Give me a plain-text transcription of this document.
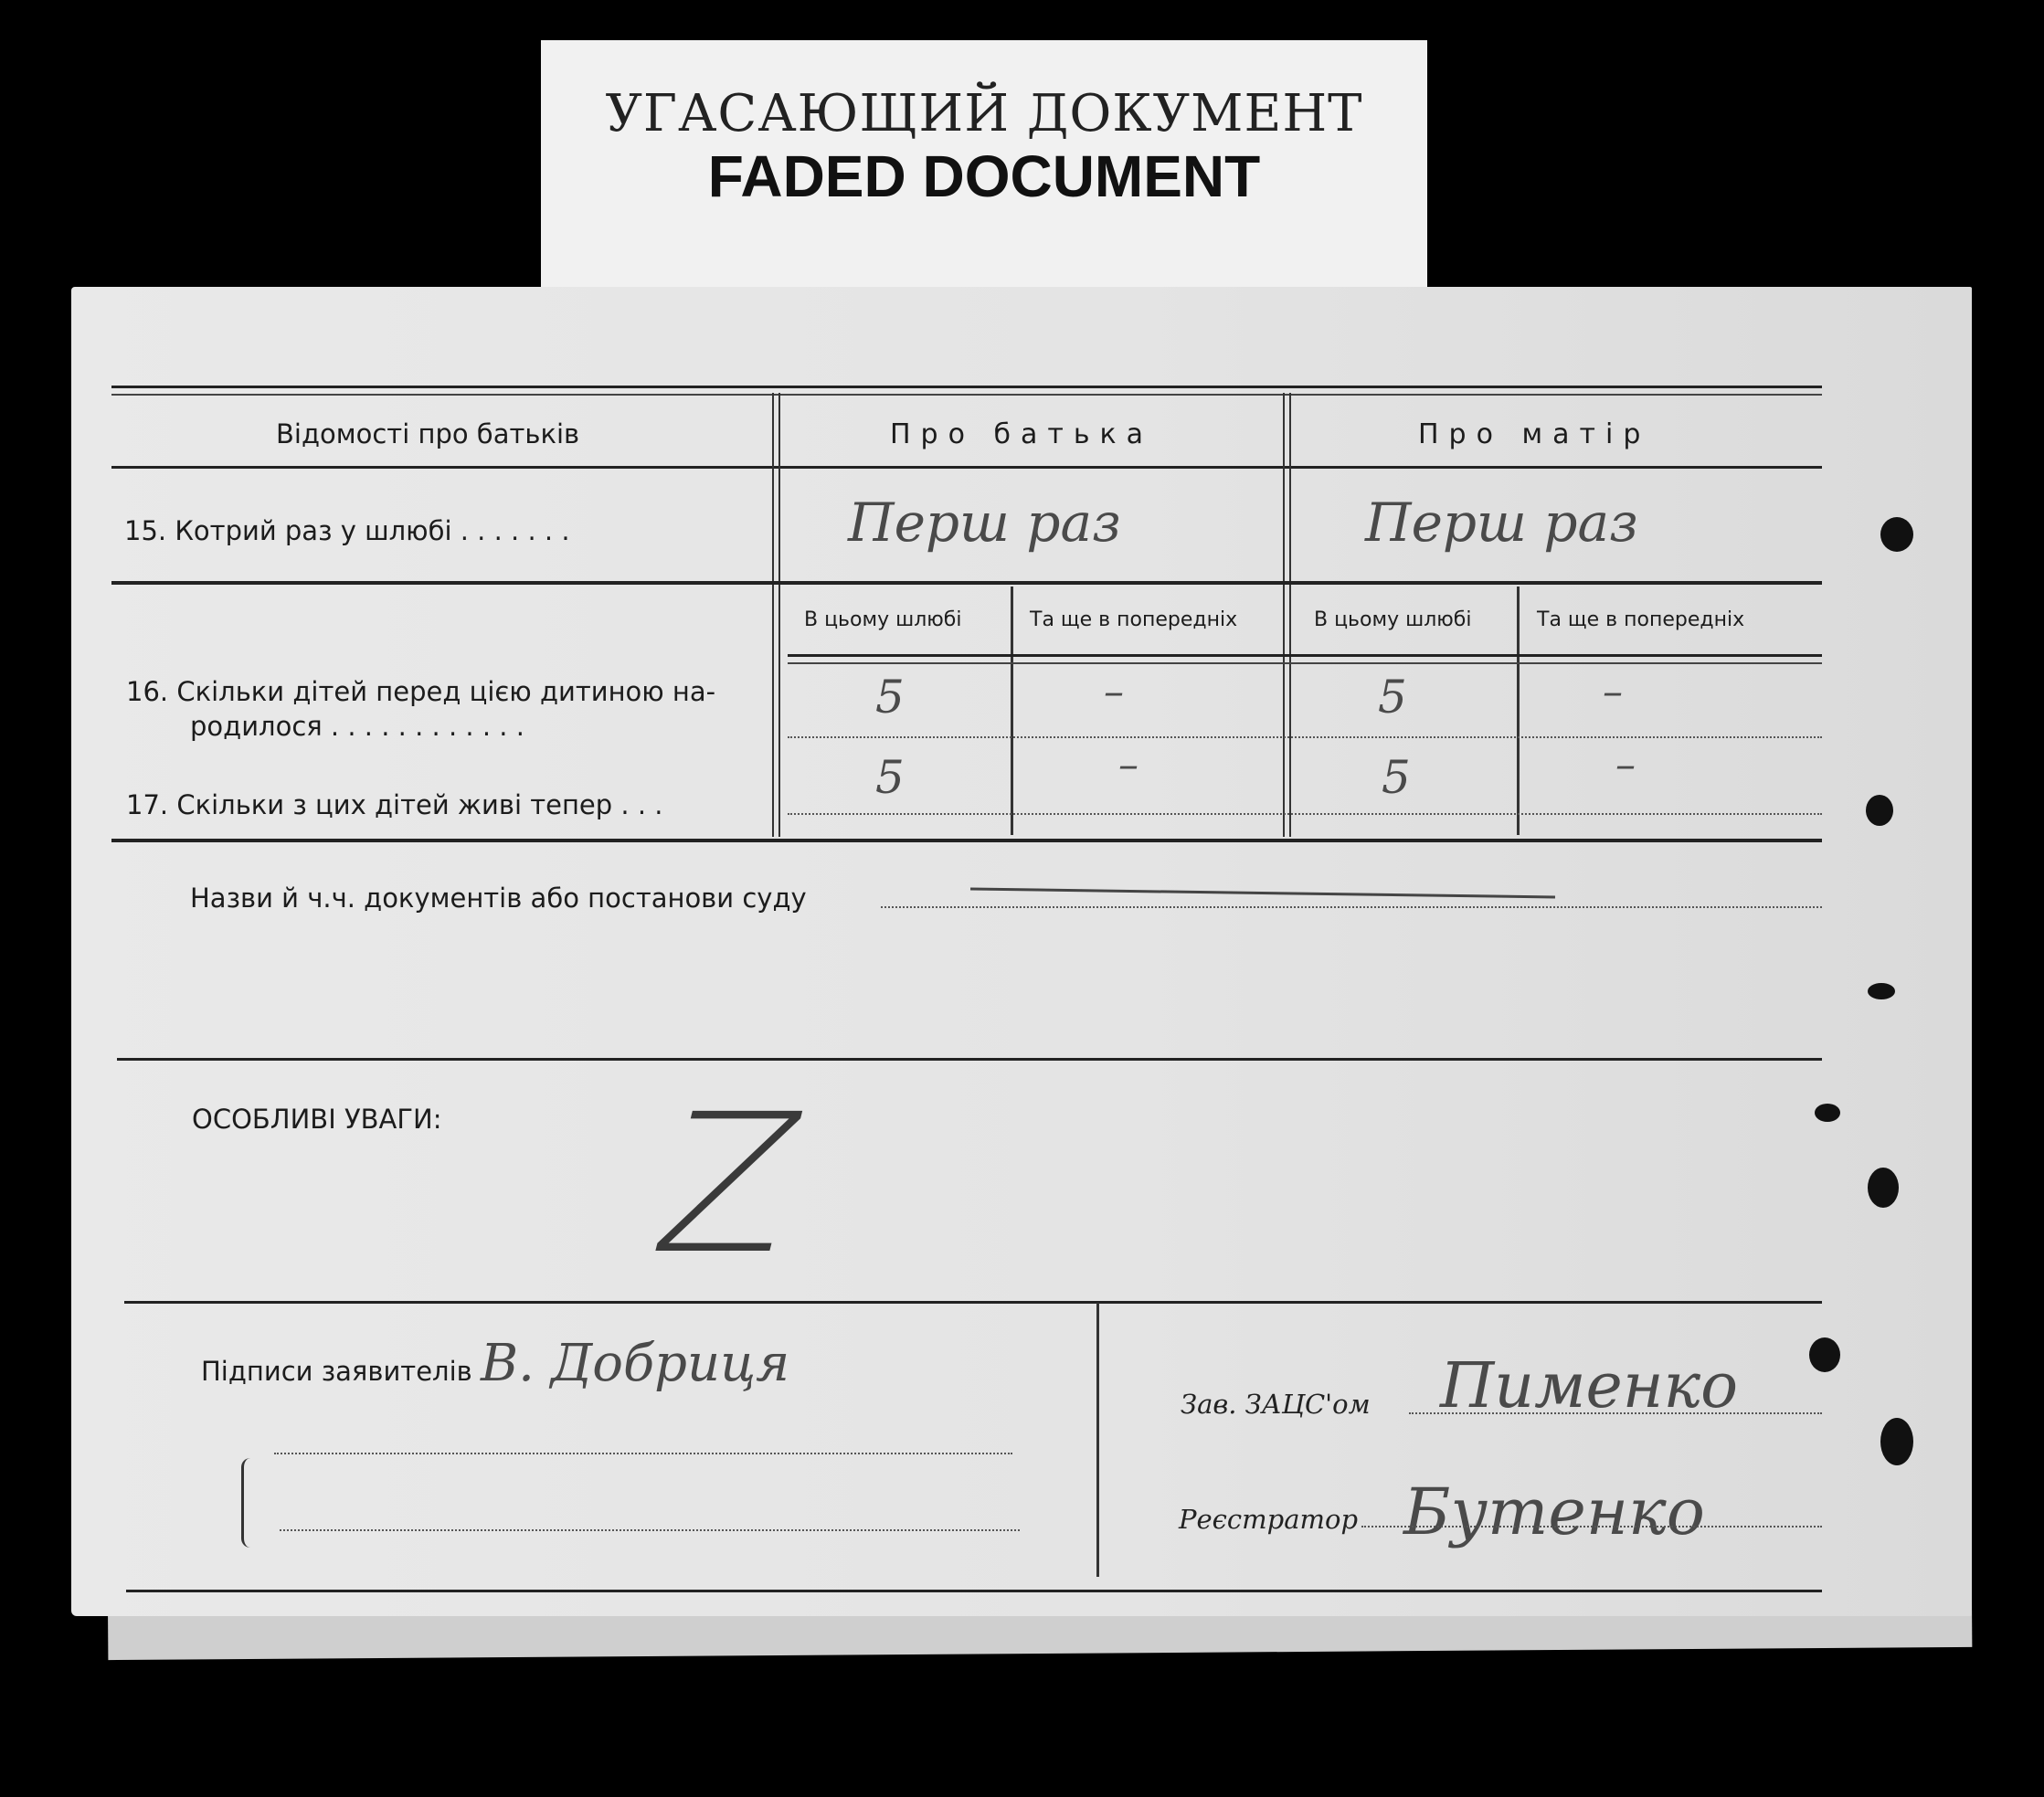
УГАСАЮЩИЙ ДОКУМЕНТ
FADED DOCUMENT
Відомості про батьків	Про батька	Про матір
15. Котрий раз у шлюбі . . . . . . .	Перш раз	Перш раз
В цьому шлюбі	Та ще в попередніх	В цьому шлюбі	Та ще в попередніх
16. Скільки дітей перед цією дитиною на-
родилося . . . . . . . . . . . .
5	–	5	–
17. Скільки з цих дітей живі тепер . . .
5	–	5	–
Назви й ч.ч. документів або постанови суду
ОСОБЛИВІ УВАГИ: Z
Підписи заявителів В. Добриця
Зав. ЗАЦС'ом Пименко
Реєстратор Бутенко
